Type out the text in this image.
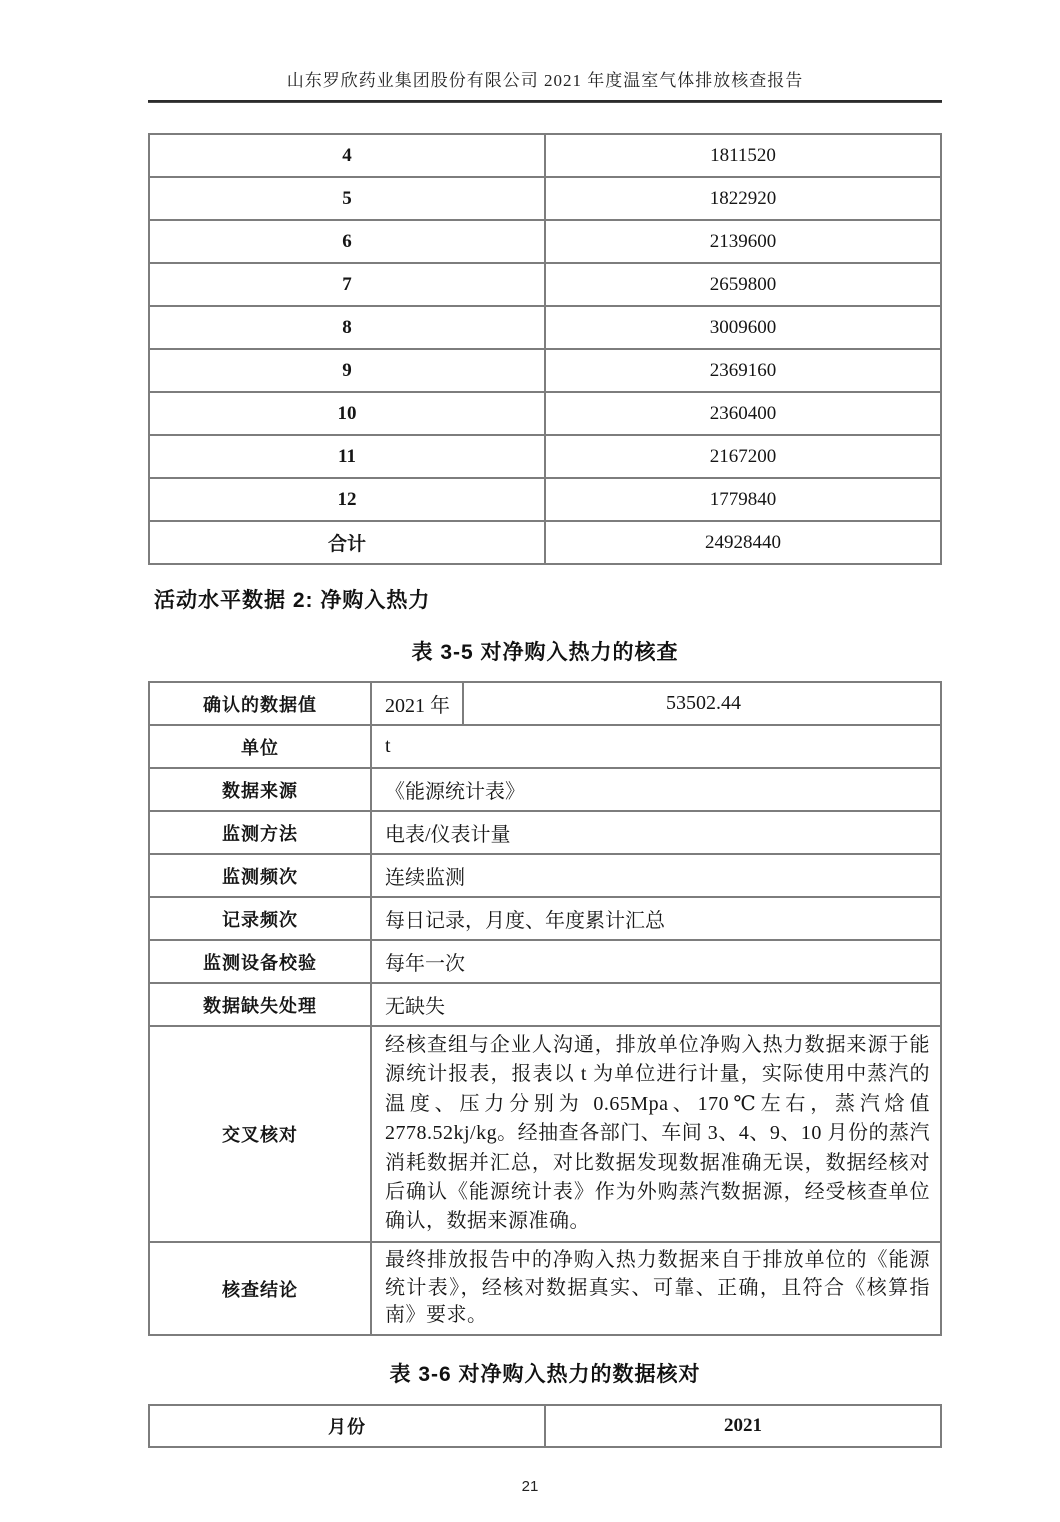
山东罗欣药业集团股份有限公司 2021 年度温室气体排放核查报告
4	1811520
5	1822920
6	2139600
7	2659800
8	3009600
9	2369160
10	2360400
11	2167200
12	1779840
合计	24928440
活动水平数据 2: 净购入热力
表 3-5 对净购入热力的核查
确认的数据值	2021 年	53502.44
单位	t	
数据来源	《能源统计表》	
监测方法	电表/仪表计量	
监测频次	连续监测	
记录频次	每日记录，月度、年度累计汇总	
监测设备校验	每年一次	
数据缺失处理	无缺失	
交叉核对	经核查组与企业人沟通，排放单位净购入热力数据来源于能源统计报表，报表以 t 为单位进行计量，实际使用中蒸汽的温度、压力分别为 0.65Mpa、170℃左右，蒸汽焓值 2778.52kj/kg。经抽查各部门、车间 3、4、9、10 月份的蒸汽消耗数据并汇总，对比数据发现数据准确无误，数据经核对后确认《能源统计表》作为外购蒸汽数据源，经受核查单位确认，数据来源准确。	
核查结论	最终排放报告中的净购入热力数据来自于排放单位的《能源统计表》，经核对数据真实、可靠、正确，且符合《核算指南》要求。	
表 3-6 对净购入热力的数据核对
月份	2021
21
